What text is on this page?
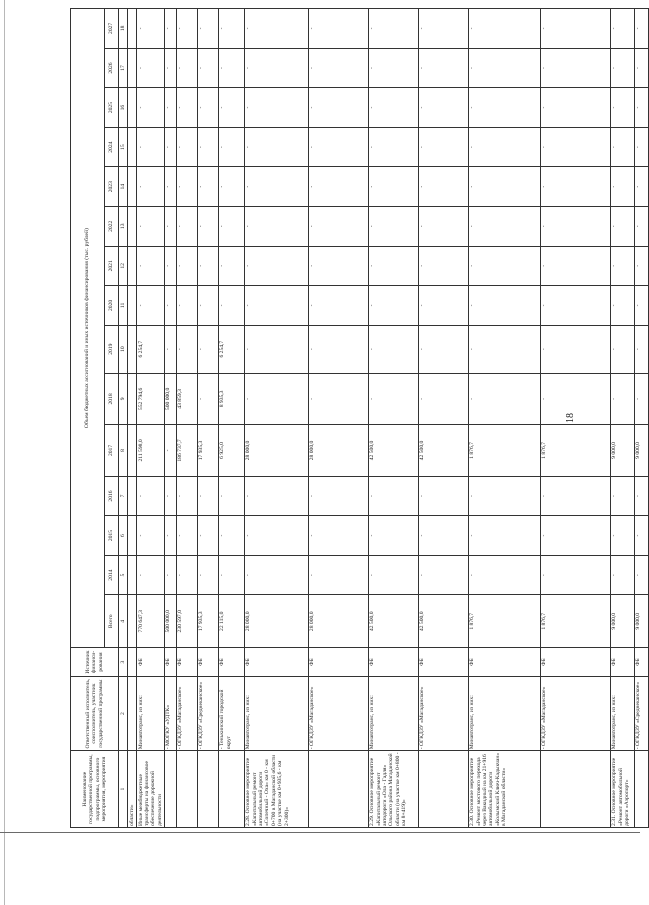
18
Наименование государственной программы, подпрограммы, основного мероприятия, мероприятия	Ответственный исполнитель, соисполнитель, участник государственной программы	Источник финанси-рования	Объем бюджетных ассигнований и иных источников финансирования (тыс. рублей)														
			Всего	2014	2015	2016	2017	2018	2019	2020	2021	2022	2023	2024	2025	2026	2027
1	2	3	4	5	6	7	8	9	10	11	12	13	14	15	16	17	18
области»																	
Иные межбюджетные трансферты на финансовое обеспечение дорожной деятельности	Минавтотранс, из них:	ФБ	770 647,3	-	-	-	211 598,0	552 794,6	6 254,7	-	-	-	-	-	-	-	-
	- МОГКУ «УДТК»	ФБ	500 000,0	-	-	-	-	500 000,0	-	-	-	-	-	-	-	-	-
	- ОГКДЗУ «Магаданское»	ФБ	230 597,0	-	-	-	186 737,7	43 859,3	-	-	-	-	-	-	-	-	-
	- ОГКДЗУ «Среднеканское»	ФБ	17 935,3	-	-	-	17 935,3	-	-	-	-	-	-	-	-	-	-
	- Тенькинский городской округ	ФБ	22 115,0	-	-	-	6 925,0	8 935,3	6 254,7	-	-	-	-	-	-	-	-
2.28. Основное мероприятие «Капитальный ремонт автомобильной дороги «Сопечный - Оха» км 0 - км 0+700 в Магаданской области (на участке км 0+935,6 - км 2+300)»	Минавтотранс, из них:	ФБ	28 000,0	-	-	-	28 000,0	-	-	-	-	-	-	-	-	-	-
	- ОГКДЗУ «Магаданское»	ФБ	28 000,0	-	-	-	28 000,0	-	-	-	-	-	-	-	-	-	-
2.29. Основное мероприятие «Капитальный ремонт автодороги «Ола - Гадля» Ольского района Магаданской области (на участке км 0+800 - км 8+419)»	Минавтотранс, из них:	ФБ	42 500,0	-	-	-	42 500,0	-	-	-	-	-	-	-	-	-	-
	- ОГКДЗУ «Магаданское»	ФБ	42 500,0	-	-	-	42 500,0	-	-	-	-	-	-	-	-	-	-
2.30. Основное мероприятие «Ремонт мостового перехода через Вакидный на км 21+916 автомобильной дороги «Колымский Ключ-Кадыкчан» в Магаданской области»	Минавтотранс, из них:	ФБ	1 876,7	-	-	-	1 876,7	-	-	-	-	-	-	-	-	-	-
	- ОГКДЗУ «Магаданское»	ФБ	1 876,7	-	-	-	1 876,7	-	-	-	-	-	-	-	-	-	-
2.31. Основное мероприятие «Ремонт автомобильной дороги «Аэропорт»	Минавтотранс, из них:	ФБ	9 000,0	-	-	-	9 000,0	-	-	-	-	-	-	-	-	-	-
	- ОГКДЗУ «Среднеканское»	ФБ	9 000,0	-	-	-	9 000,0	-	-	-	-	-	-	-	-	-	-
